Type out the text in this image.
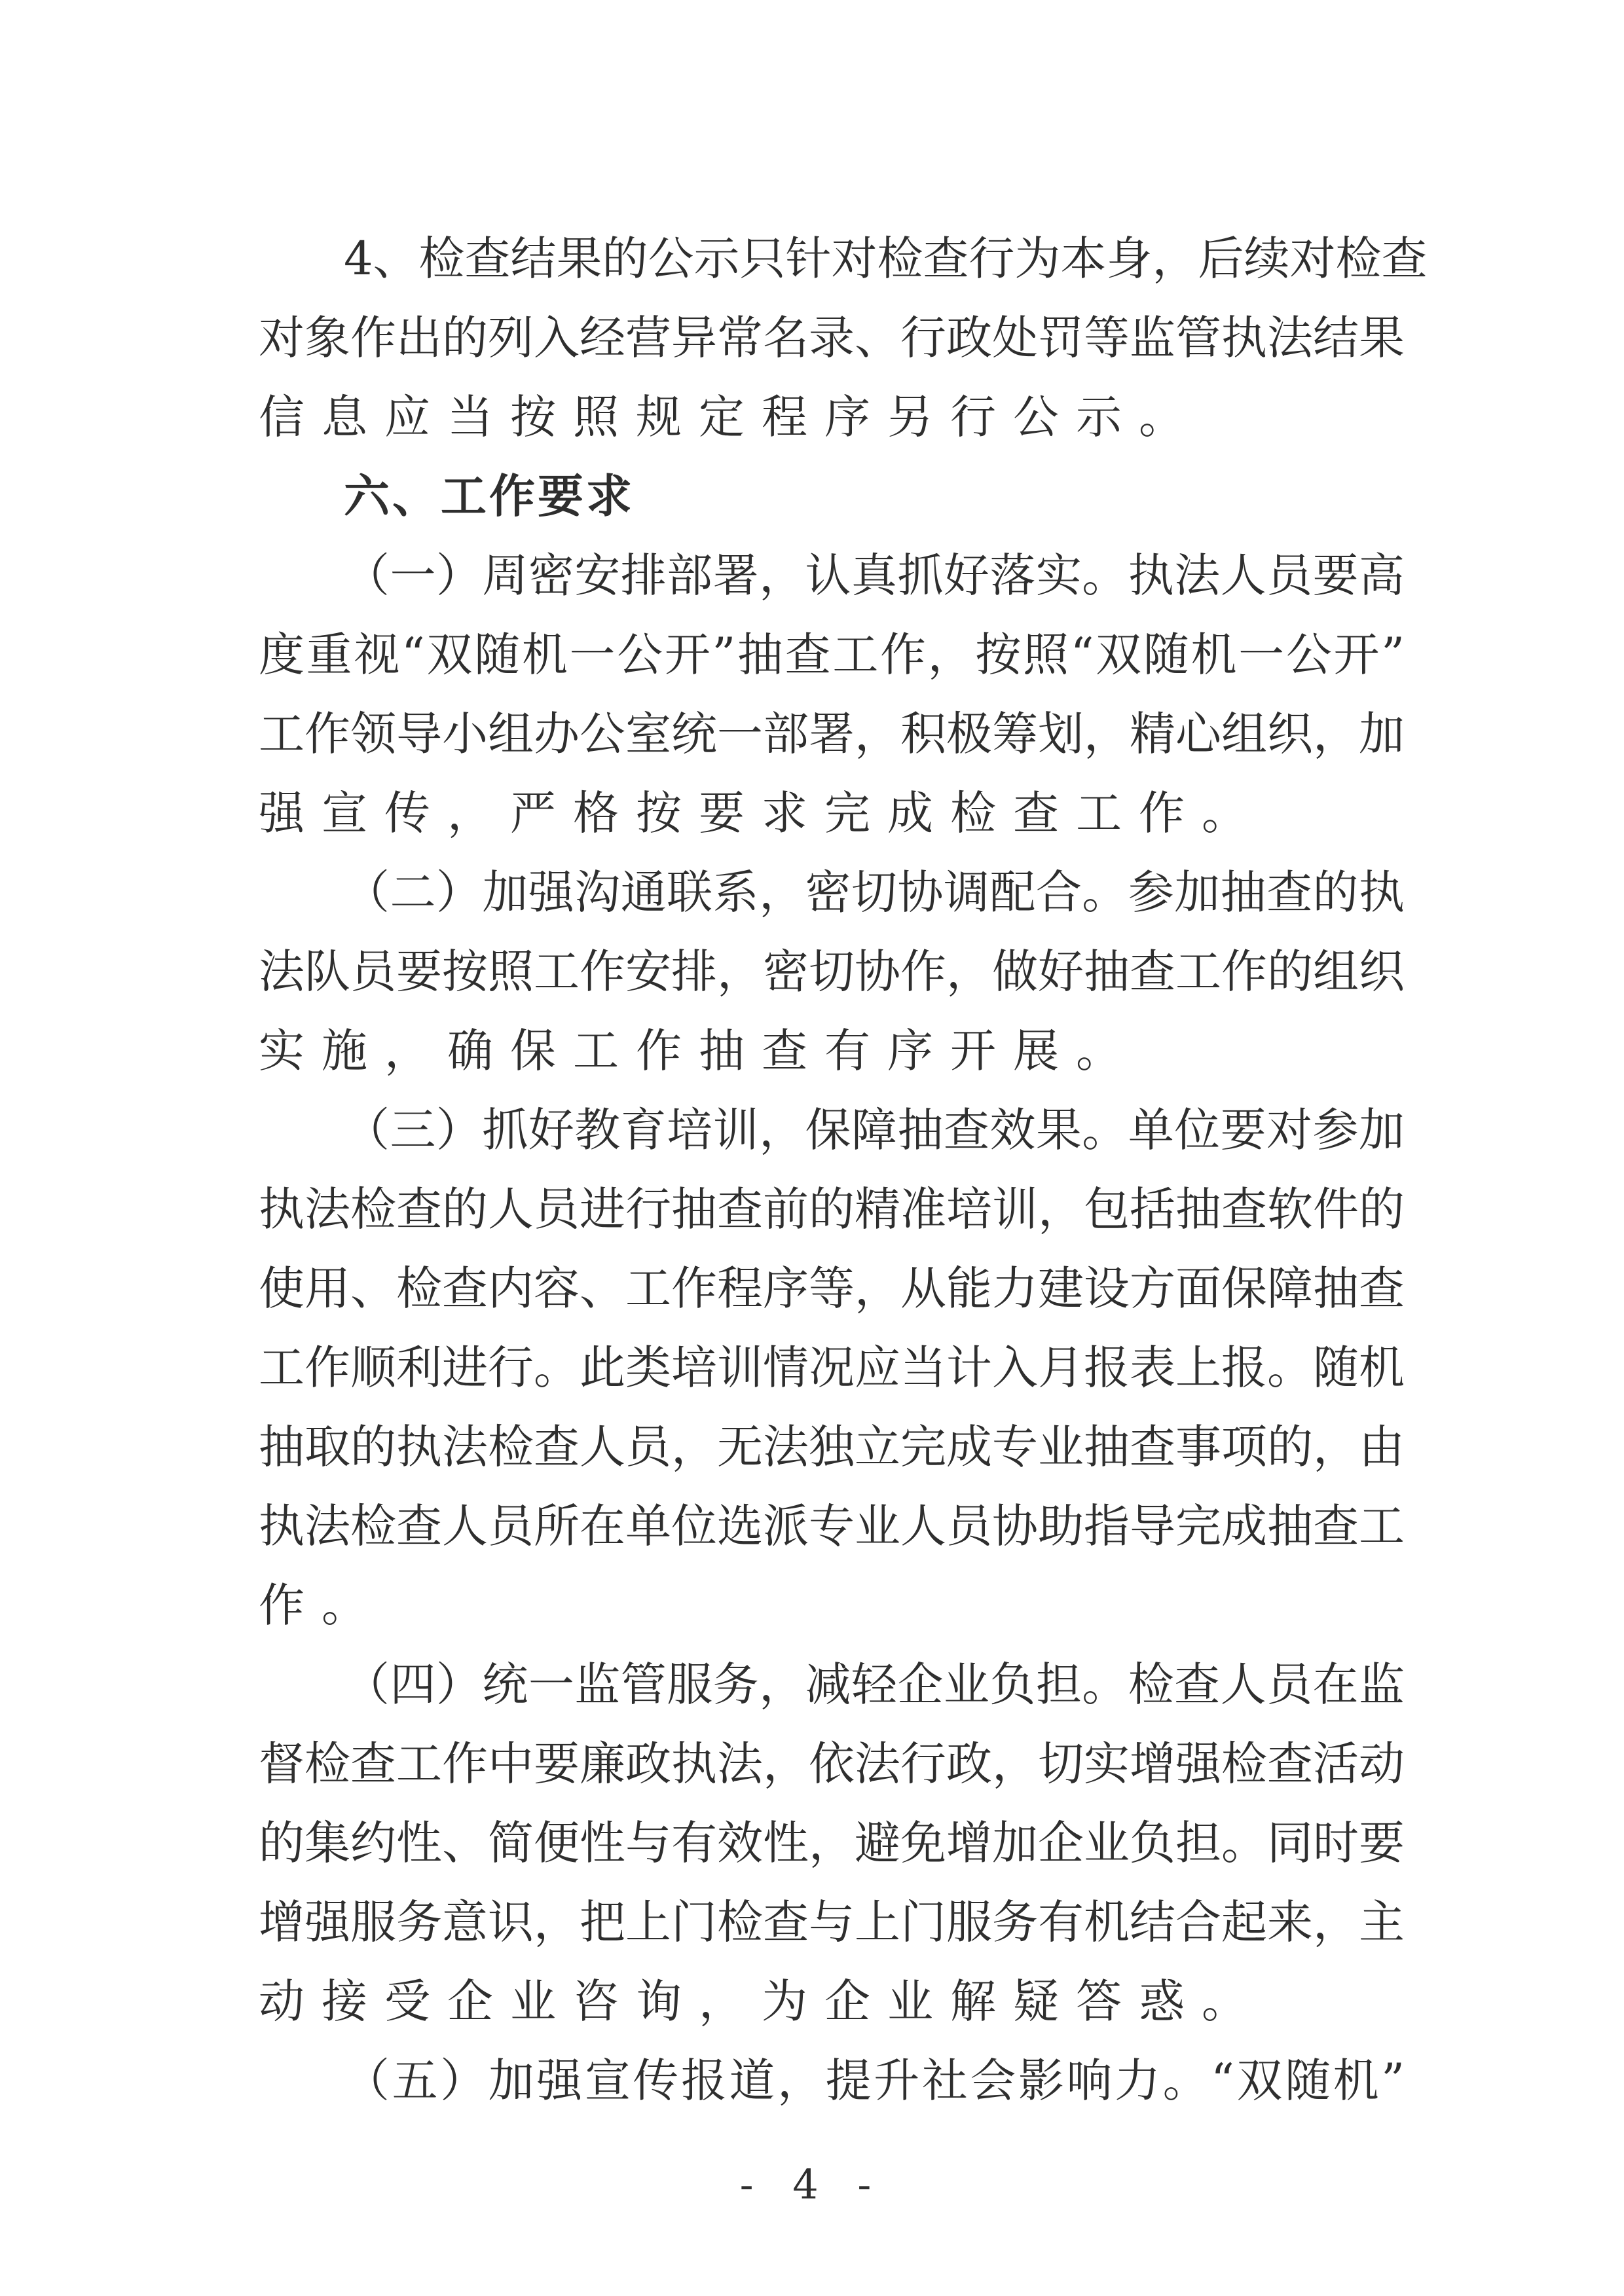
4、检查结果的公示只针对检查行为本身，后续对检查
对象作出的列入经营异常名录、行政处罚等监管执法结果
信息应当按照规定程序另行公示。
六、工作要求
（一）周密安排部署，认真抓好落实。执法人员要高
度重视“双随机一公开”抽查工作，按照“双随机一公开”
工作领导小组办公室统一部署，积极筹划，精心组织，加
强宣传，严格按要求完成检查工作。
（二）加强沟通联系，密切协调配合。参加抽查的执
法队员要按照工作安排，密切协作，做好抽查工作的组织
实施，确保工作抽查有序开展。
（三）抓好教育培训，保障抽查效果。单位要对参加
执法检查的人员进行抽查前的精准培训，包括抽查软件的
使用、检查内容、工作程序等，从能力建设方面保障抽查
工作顺利进行。此类培训情况应当计入月报表上报。随机
抽取的执法检查人员，无法独立完成专业抽查事项的，由
执法检查人员所在单位选派专业人员协助指导完成抽查工
作。
（四）统一监管服务，减轻企业负担。检查人员在监
督检查工作中要廉政执法，依法行政，切实增强检查活动
的集约性、简便性与有效性，避免增加企业负担。同时要
增强服务意识，把上门检查与上门服务有机结合起来，主
动接受企业咨询，为企业解疑答惑。
（五）加强宣传报道，提升社会影响力。“双随机”
- 4 -
